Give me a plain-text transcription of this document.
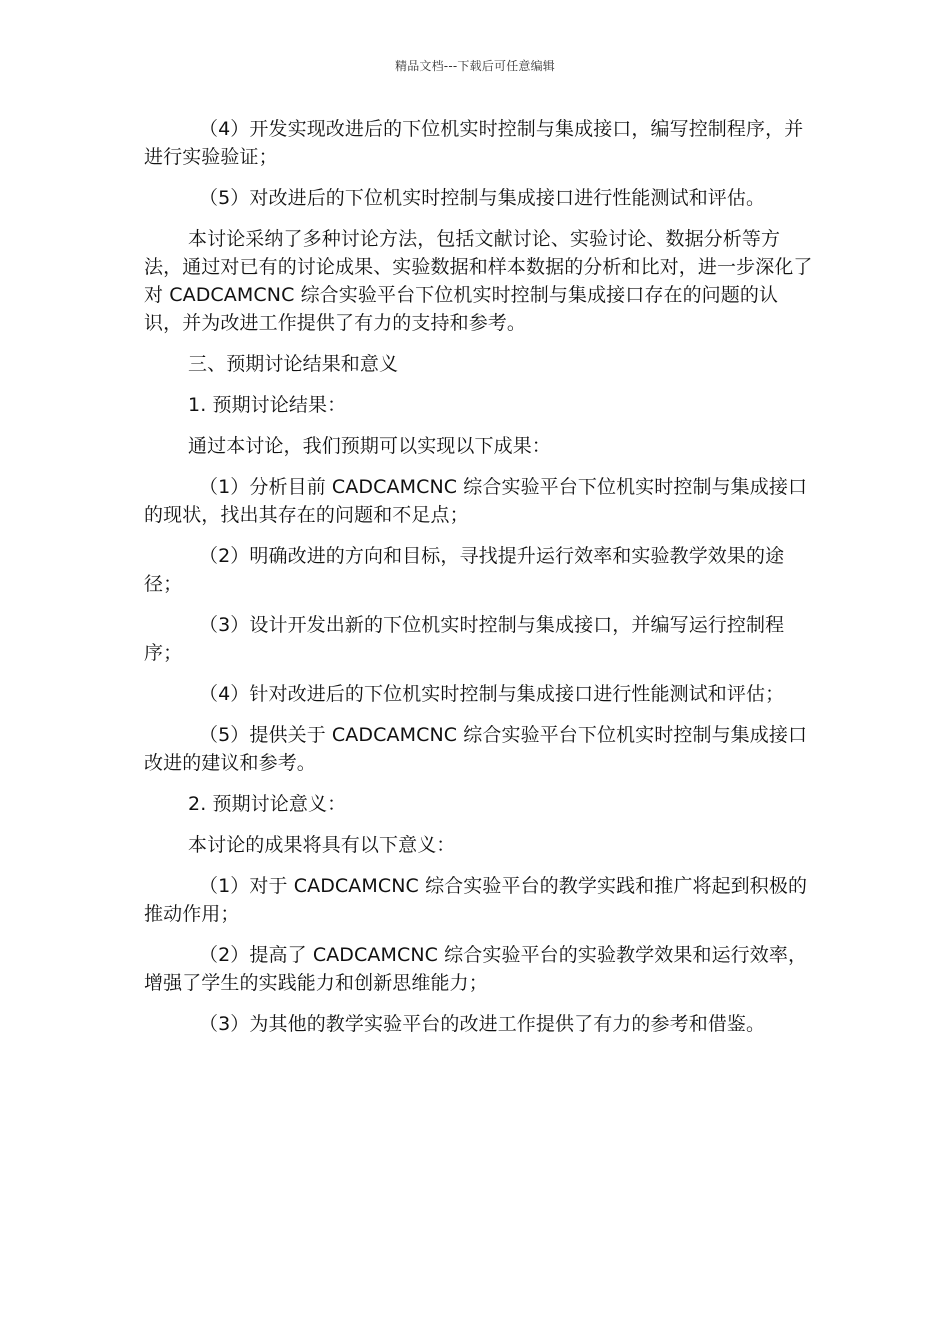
精品文档---下载后可任意编辑

（4）开发实现改进后的下位机实时控制与集成接口，编写控制程序，并进行实验验证；

（5）对改进后的下位机实时控制与集成接口进行性能测试和评估。

本讨论采纳了多种讨论方法，包括文献讨论、实验讨论、数据分析等方法，通过对已有的讨论成果、实验数据和样本数据的分析和比对，进一步深化了对 CADCAMCNC 综合实验平台下位机实时控制与集成接口存在的问题的认识，并为改进工作提供了有力的支持和参考。

三、预期讨论结果和意义

1. 预期讨论结果：

通过本讨论，我们预期可以实现以下成果：

（1）分析目前 CADCAMCNC 综合实验平台下位机实时控制与集成接口的现状，找出其存在的问题和不足点；

（2）明确改进的方向和目标，寻找提升运行效率和实验教学效果的途径；

（3）设计开发出新的下位机实时控制与集成接口，并编写运行控制程序；

（4）针对改进后的下位机实时控制与集成接口进行性能测试和评估；

（5）提供关于 CADCAMCNC 综合实验平台下位机实时控制与集成接口改进的建议和参考。

2. 预期讨论意义：

本讨论的成果将具有以下意义：

（1）对于 CADCAMCNC 综合实验平台的教学实践和推广将起到积极的推动作用；

（2）提高了 CADCAMCNC 综合实验平台的实验教学效果和运行效率，增强了学生的实践能力和创新思维能力；

（3）为其他的教学实验平台的改进工作提供了有力的参考和借鉴。
